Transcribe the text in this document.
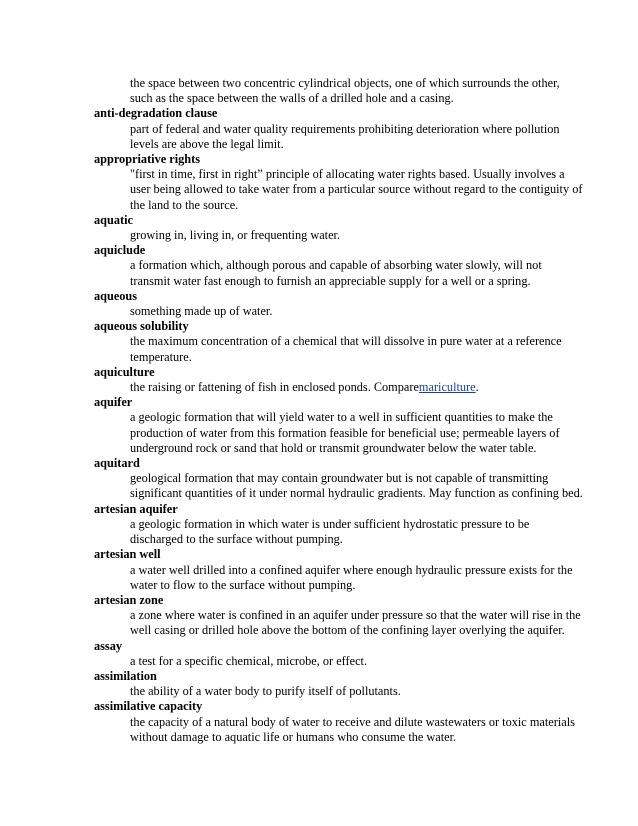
the space between two concentric cylindrical objects, one of which surrounds the other, such as the space between the walls of a drilled hole and a casing.
anti-degradation clause
part of federal and water quality requirements prohibiting deterioration where pollution levels are above the legal limit.
appropriative rights
"first in time, first in right” principle of allocating water rights based. Usually involves a user being allowed to take water from a particular source without regard to the contiguity of the land to the source.
aquatic
growing in, living in, or frequenting water.
aquiclude
a formation which, although porous and capable of absorbing water slowly, will not transmit water fast enough to furnish an appreciable supply for a well or a spring.
aqueous
something made up of water.
aqueous solubility
the maximum concentration of a chemical that will dissolve in pure water at a reference temperature.
aquiculture
the raising or fattening of fish in enclosed ponds. Comparemariculture.
aquifer
a geologic formation that will yield water to a well in sufficient quantities to make the production of water from this formation feasible for beneficial use; permeable layers of underground rock or sand that hold or transmit groundwater below the water table.
aquitard
geological formation that may contain groundwater but is not capable of transmitting significant quantities of it under normal hydraulic gradients. May function as confining bed.
artesian aquifer
a geologic formation in which water is under sufficient hydrostatic pressure to be discharged to the surface without pumping.
artesian well
a water well drilled into a confined aquifer where enough hydraulic pressure exists for the water to flow to the surface without pumping.
artesian zone
a zone where water is confined in an aquifer under pressure so that the water will rise in the well casing or drilled hole above the bottom of the confining layer overlying the aquifer.
assay
a test for a specific chemical, microbe, or effect.
assimilation
the ability of a water body to purify itself of pollutants.
assimilative capacity
the capacity of a natural body of water to receive and dilute wastewaters or toxic materials without damage to aquatic life or humans who consume the water.
